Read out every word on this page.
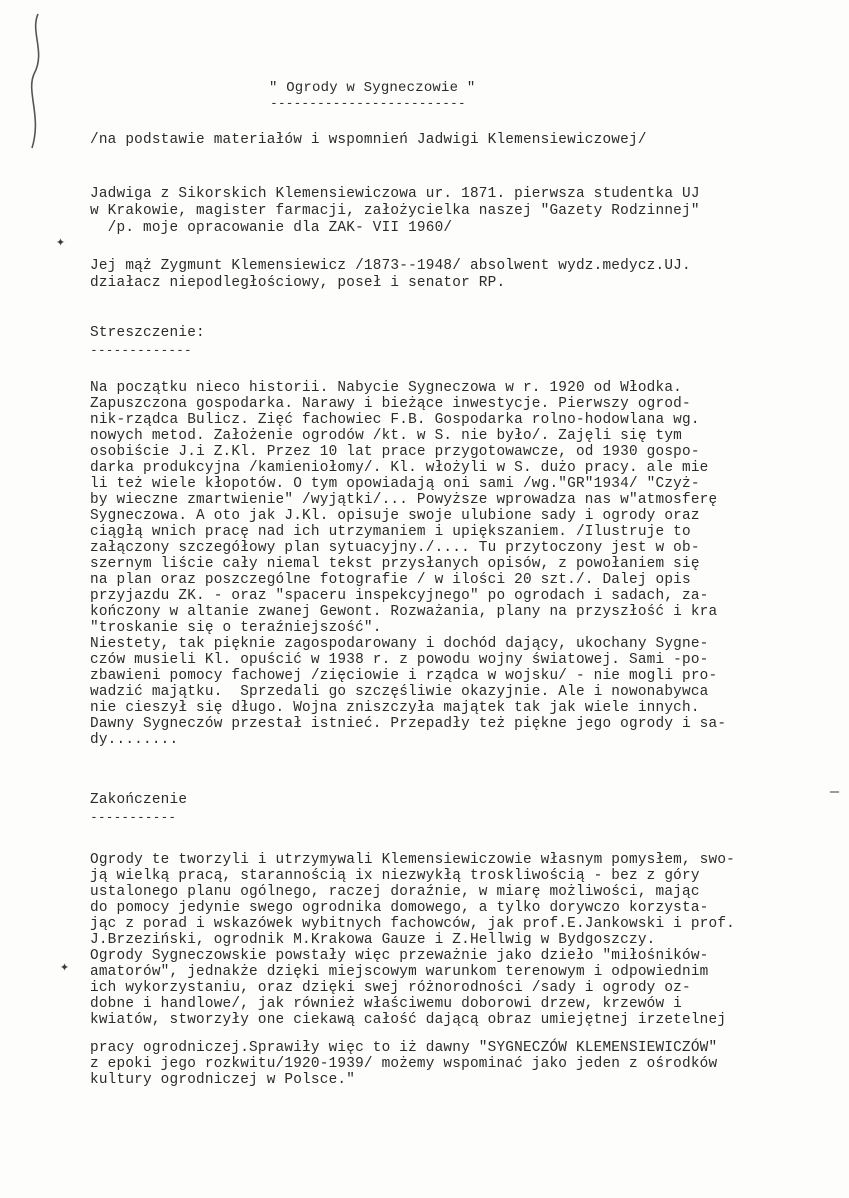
✦
✦
—
" Ogrody w Sygneczowie "
-------------------------
/na podstawie materiałów i wspomnień Jadwigi Klemensiewiczowej/
Jadwiga z Sikorskich Klemensiewiczowa ur. 1871. pierwsza studentka UJ
w Krakowie, magister farmacji, założycielka naszej "Gazety Rodzinnej"
/p. moje opracowanie dla ZAK- VII 1960/
Jej mąż Zygmunt Klemensiewicz /1873--1948/ absolwent wydz.medycz.UJ.
działacz niepodległościowy, poseł i senator RP.
Streszczenie:
-------------
Na początku nieco historii. Nabycie Sygneczowa w r. 1920 od Włodka.
Zapuszczona gospodarka. Narawy i bieżące inwestycje. Pierwszy ogrod-
nik-rządca Bulicz. Zięć fachowiec F.B. Gospodarka rolno-hodowlana wg.
nowych metod. Założenie ogrodów /kt. w S. nie było/. Zajęli się tym
osobiście J.i Z.Kl. Przez 10 lat prace przygotowawcze, od 1930 gospo-
darka produkcyjna /kamieniołomy/. Kl. włożyli w S. dużo pracy. ale mie
li też wiele kłopotów. O tym opowiadają oni sami /wg."GR"1934/ "Czyż-
by wieczne zmartwienie" /wyjątki/... Powyższe wprowadza nas w"atmosferę
Sygneczowa. A oto jak J.Kl. opisuje swoje ulubione sady i ogrody oraz
ciągłą wnich pracę nad ich utrzymaniem i upiększaniem. /Ilustruje to
załączony szczegółowy plan sytuacyjny./.... Tu przytoczony jest w ob-
szernym liście cały niemal tekst przysłanych opisów, z powołaniem się
na plan oraz poszczególne fotografie / w ilości 20 szt./. Dalej opis
przyjazdu ZK. - oraz "spaceru inspekcyjnego" po ogrodach i sadach, za-
kończony w altanie zwanej Gewont. Rozważania, plany na przyszłość i kra
"troskanie się o teraźniejszość".
Niestety, tak pięknie zagospodarowany i dochód dający, ukochany Sygne-
czów musieli Kl. opuścić w 1938 r. z powodu wojny światowej. Sami -po-
zbawieni pomocy fachowej /zięciowie i rządca w wojsku/ - nie mogli pro-
wadzić majątku.  Sprzedali go szczęśliwie okazyjnie. Ale i nowonabywca
nie cieszył się długo. Wojna zniszczyła majątek tak jak wiele innych.
Dawny Sygneczów przestał istnieć. Przepadły też piękne jego ogrody i sa-
dy........
Zakończenie
-----------
Ogrody te tworzyli i utrzymywali Klemensiewiczowie własnym pomysłem, swo-
ją wielką pracą, starannością ix niezwykłą troskliwością - bez z góry
ustalonego planu ogólnego, raczej doraźnie, w miarę możliwości, mając
do pomocy jedynie swego ogrodnika domowego, a tylko dorywczo korzysta-
jąc z porad i wskazówek wybitnych fachowców, jak prof.E.Jankowski i prof.
J.Brzeziński, ogrodnik M.Krakowa Gauze i Z.Hellwig w Bydgoszczy.
Ogrody Sygneczowskie powstały więc przeważnie jako dzieło "miłośników-
amatorów", jednakże dzięki miejscowym warunkom terenowym i odpowiednim
ich wykorzystaniu, oraz dzięki swej różnorodności /sady i ogrody oz-
dobne i handlowe/, jak również właściwemu doborowi drzew, krzewów i
kwiatów, stworzyły one ciekawą całość dającą obraz umiejętnej irzetelnej
pracy ogrodniczej.Sprawiły więc to iż dawny "SYGNECZÓW KLEMENSIEWICZÓW"
z epoki jego rozkwitu/1920-1939/ możemy wspominać jako jeden z ośrodków
kultury ogrodniczej w Polsce."
